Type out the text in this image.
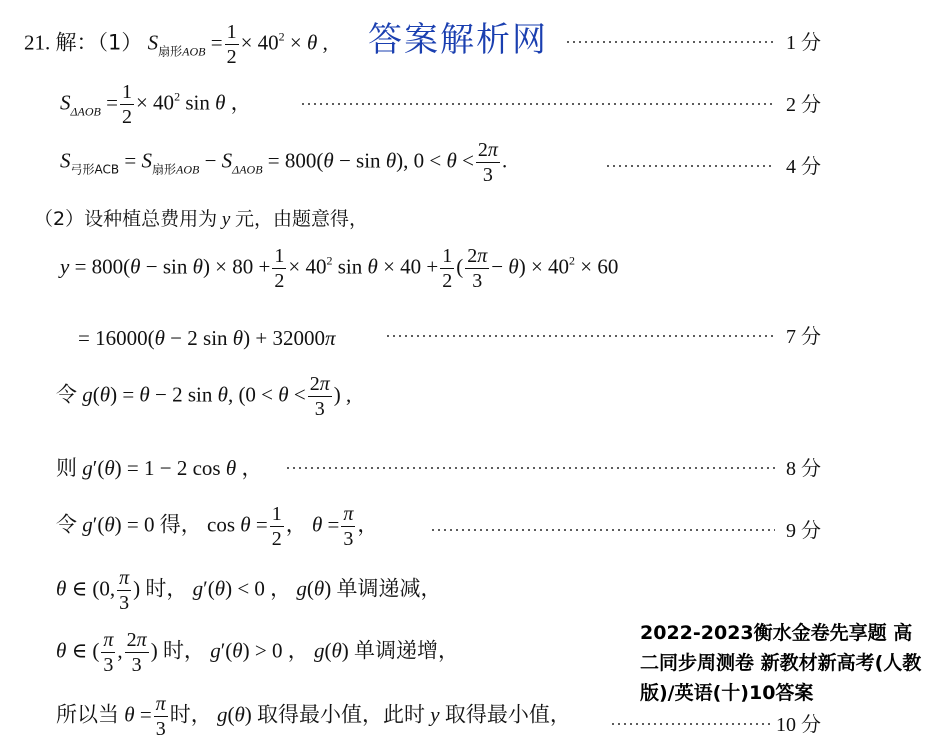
21. 解：（1） $S_{扇形AOB} = \frac{1}{2} \times 40^2 \times \theta$ ,	1 分
答案解析网
$S_{\Delta AOB} = \frac{1}{2} \times 40^2$ sin θ ，	2 分
$S_{弓形ACB} = S_{扇形AOB} - S_{\Delta AOB} = 800(\theta - \sin \theta)$, $0 < \theta < \frac{2\pi}{3}$ .	4 分
（2）设种植总费用为 y 元，由题意得，
$y = 800(\theta - \sin \theta) \times 80 + \frac{1}{2} \times 40^2$ $\sin \theta \times 40 + \frac{1}{2}$ ( $\frac{2\pi}{3} - \theta) \times 40^2 \times 60$
= 16000(θ − 2 sin θ) + 32000π	7 分
令 g(θ) = θ − 2 sin θ, ($0 < \theta < \frac{2\pi}{3}$ ) ,
则 g′(θ) = 1 − 2 cos θ ，	8 分
令 g′(θ) = 0 得， $\cos \theta = \frac{1}{2}$ ， $\theta = \frac{\pi}{3}$ ，	9 分
θ ∈ (0, $\frac{\pi}{3}$ ) 时， g′(θ) < 0 ， g(θ) 单调递减，
θ ∈ ( $\frac{\pi}{3}$ , $\frac{2\pi}{3}$ ) 时， g′(θ) > 0 ， g(θ) 单调递增，
所以当 $\theta = \frac{\pi}{3}$ 时， g(θ) 取得最小值，此时 y 取得最小值，	10 分
2022-2023衡水金卷先享题 高二同步周测卷 新教材新高考(人教版)/英语(十)10答案
